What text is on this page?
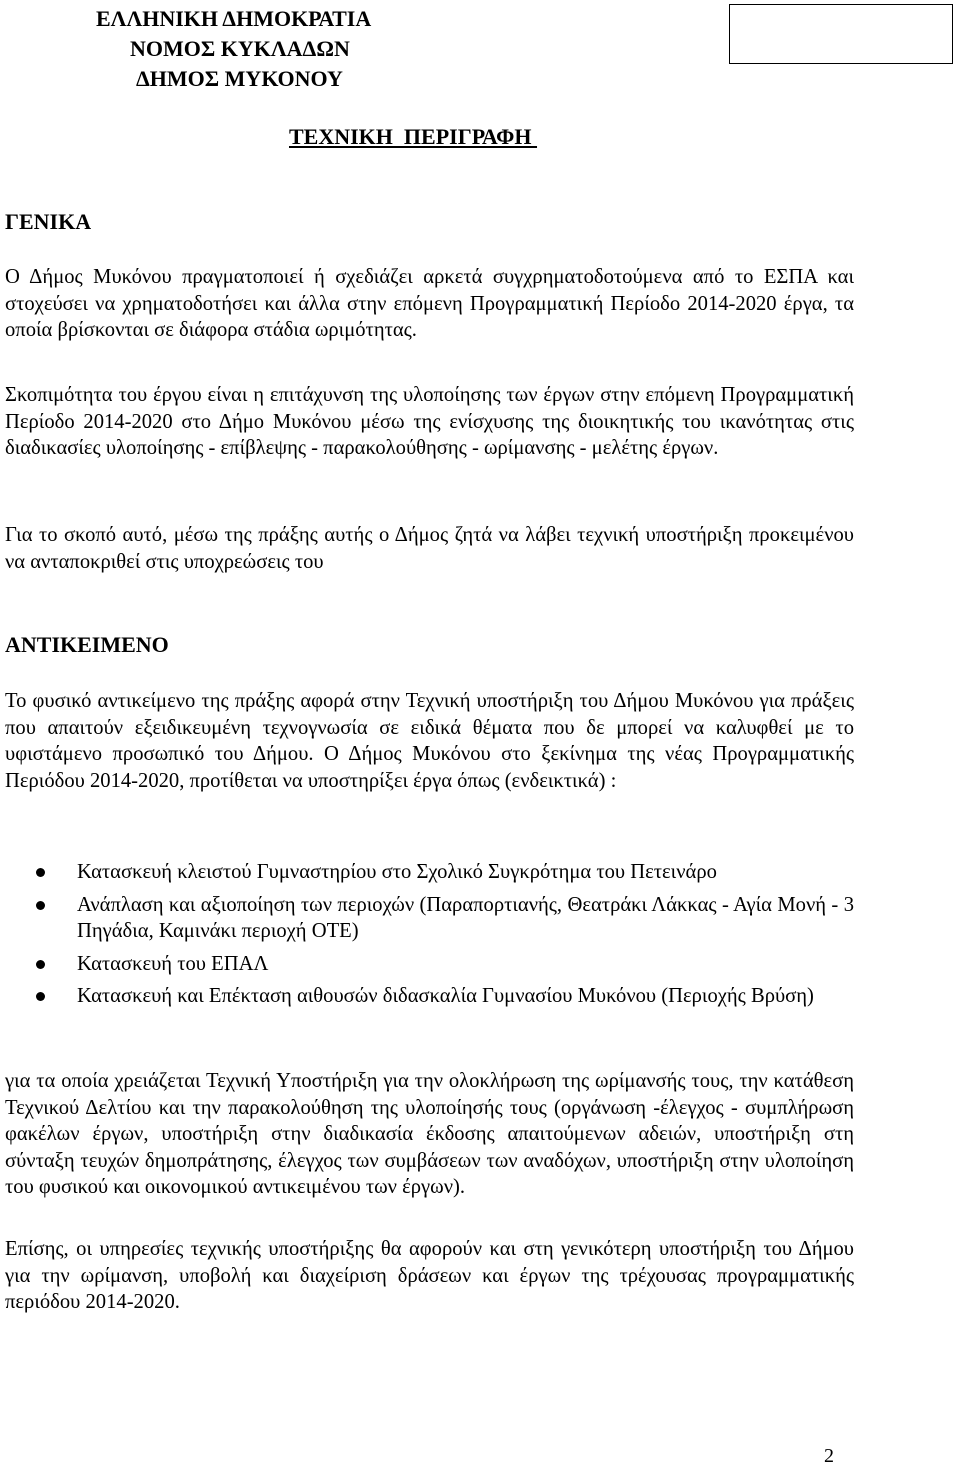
ΕΛΛΗΝΙΚΗ ΔΗΜΟΚΡΑΤΙΑ
ΝΟΜΟΣ ΚΥΚΛΑΔΩΝ
ΔΗΜΟΣ ΜΥΚΟΝΟΥ
ΤΕΧΝΙΚΗ  ΠΕΡΙΓΡΑΦΗ
ΓΕΝΙΚΑ
Ο Δήμος Μυκόνου πραγματοποιεί ή σχεδιάζει αρκετά συγχρηματοδοτούμενα από το ΕΣΠΑ και στοχεύσει να χρηματοδοτήσει και άλλα στην επόμενη Προγραμματική Περίοδο 2014-2020 έργα, τα οποία βρίσκονται σε διάφορα στάδια ωριμότητας.
Σκοπιμότητα του έργου είναι η επιτάχυνση της υλοποίησης των έργων στην επόμενη Προγραμματική Περίοδο 2014-2020 στο Δήμο Μυκόνου μέσω της ενίσχυσης της διοικητικής του ικανότητας στις διαδικασίες υλοποίησης - επίβλεψης - παρακολούθησης - ωρίμανσης - μελέτης έργων.
Για το σκοπό αυτό, μέσω της πράξης αυτής ο Δήμος ζητά να λάβει τεχνική υποστήριξη προκειμένου να ανταποκριθεί στις υποχρεώσεις του
ΑΝΤΙΚΕΙΜΕΝΟ
Το φυσικό αντικείμενο της πράξης αφορά στην Τεχνική υποστήριξη του Δήμου Μυκόνου για πράξεις που απαιτούν εξειδικευμένη τεχνογνωσία σε ειδικά θέματα που δε μπορεί να καλυφθεί με το υφιστάμενο προσωπικό του Δήμου. Ο Δήμος Μυκόνου στο ξεκίνημα της νέας Προγραμματικής Περιόδου 2014-2020, προτίθεται να υποστηρίξει έργα όπως (ενδεικτικά) :
Κατασκευή κλειστού Γυμναστηρίου στο Σχολικό Συγκρότημα του Πετεινάρο
Ανάπλαση και αξιοποίηση των περιοχών (Παραπορτιανής, Θεατράκι Λάκκας - Αγία Μονή - 3 Πηγάδια, Καμινάκι περιοχή ΟΤΕ)
Κατασκευή του ΕΠΑΛ
Κατασκευή και Επέκταση αιθουσών διδασκαλία Γυμνασίου Μυκόνου (Περιοχής Βρύση)
για τα οποία χρειάζεται Τεχνική Υποστήριξη για την ολοκλήρωση της ωρίμανσής τους, την κατάθεση Τεχνικού Δελτίου και την παρακολούθηση της υλοποίησής τους (οργάνωση -έλεγχος - συμπλήρωση φακέλων έργων, υποστήριξη στην διαδικασία έκδοσης απαιτούμενων αδειών, υποστήριξη στη σύνταξη τευχών δημοπράτησης, έλεγχος των συμβάσεων των αναδόχων, υποστήριξη στην υλοποίηση του φυσικού και οικονομικού αντικειμένου των έργων).
Επίσης, οι υπηρεσίες τεχνικής υποστήριξης θα αφορούν και στη γενικότερη υποστήριξη του Δήμου για την ωρίμανση, υποβολή και διαχείριση δράσεων και έργων της τρέχουσας προγραμματικής περιόδου 2014-2020.
2
